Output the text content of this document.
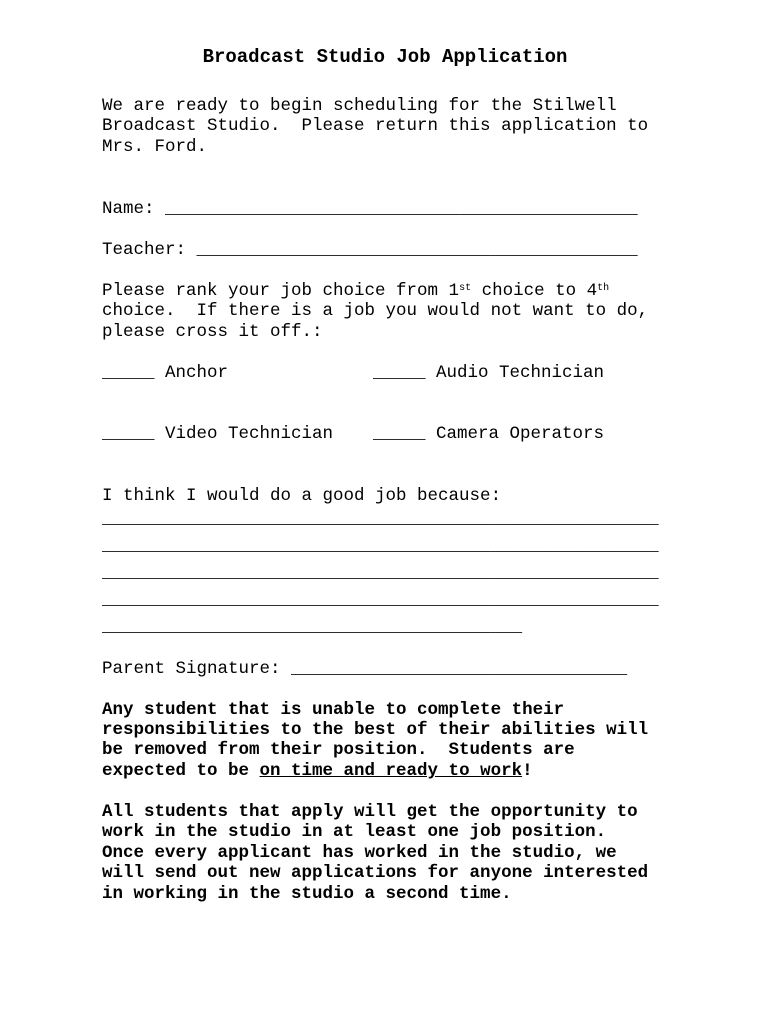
Broadcast Studio Job Application
We are ready to begin scheduling for the Stilwell
Broadcast Studio.  Please return this application to
Mrs. Ford.
Name: _____________________________________________
Teacher: __________________________________________
Please rank your job choice from 1st choice to 4th
choice.  If there is a job you would not want to do,
please cross it off.:
_____ Anchor	_____ Audio Technician
_____ Video Technician _____ Camera Operators
I think I would do a good job because:
_____________________________________________________
_____________________________________________________
_____________________________________________________
_____________________________________________________
________________________________________
Parent Signature: ________________________________
Any student that is unable to complete their
responsibilities to the best of their abilities will
be removed from their position.  Students are
expected to be on time and ready to work!
All students that apply will get the opportunity to
work in the studio in at least one job position.
Once every applicant has worked in the studio, we
will send out new applications for anyone interested
in working in the studio a second time.
